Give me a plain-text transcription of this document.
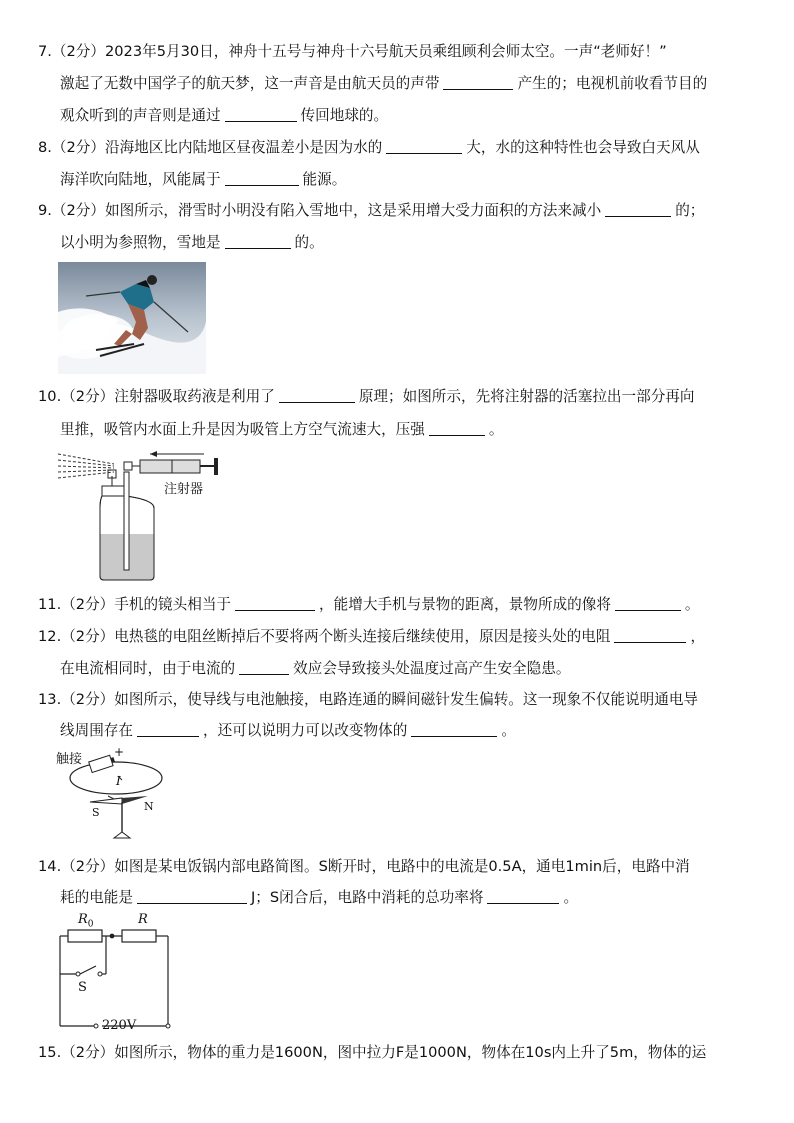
7.（2分）2023年5月30日，神舟十五号与神舟十六号航天员乘组顾利会师太空。一声“老师好！”
激起了无数中国学子的航天梦，这一声音是由航天员的声带	产生的；电视机前收看节目的
观众听到的声音则是通过	传回地球的。
8.（2分）沿海地区比内陆地区昼夜温差小是因为水的	大，水的这种特性也会导致白天风从
海洋吹向陆地，风能属于	能源。
9.（2分）如图所示，滑雪时小明没有陷入雪地中，这是采用增大受力面积的方法来减小	的；
以小明为参照物，雪地是	的。
10.（2分）注射器吸取药液是利用了	原理；如图所示，先将注射器的活塞拉出一部分再向
里推，吸管内水面上升是因为吸管上方空气流速大，压强	。
注射器
11.（2分）手机的镜头相当于	，能增大手机与景物的距离，景物所成的像将	。
12.（2分）电热毯的电阻丝断掉后不要将两个断头连接后继续使用，原因是接头处的电阻	，
在电流相同时，由于电流的	效应会导致接头处温度过高产生安全隐患。
13.（2分）如图所示，使导线与电池触接，电路连通的瞬间磁针发生偏转。这一现象不仅能说明通电导
线周围存在	，还可以说明力可以改变物体的	。
触接	+
I
S	N
14.（2分）如图是某电饭锅内部电路简图。S断开时，电路中的电流是0.5A，通电1min后，电路中消
耗的电能是	J；S闭合后，电路中消耗的总功率将	。
$R_0$	R
S
220V
15.（2分）如图所示，物体的重力是1600N，图中拉力F是1000N，物体在10s内上升了5m，物体的运
